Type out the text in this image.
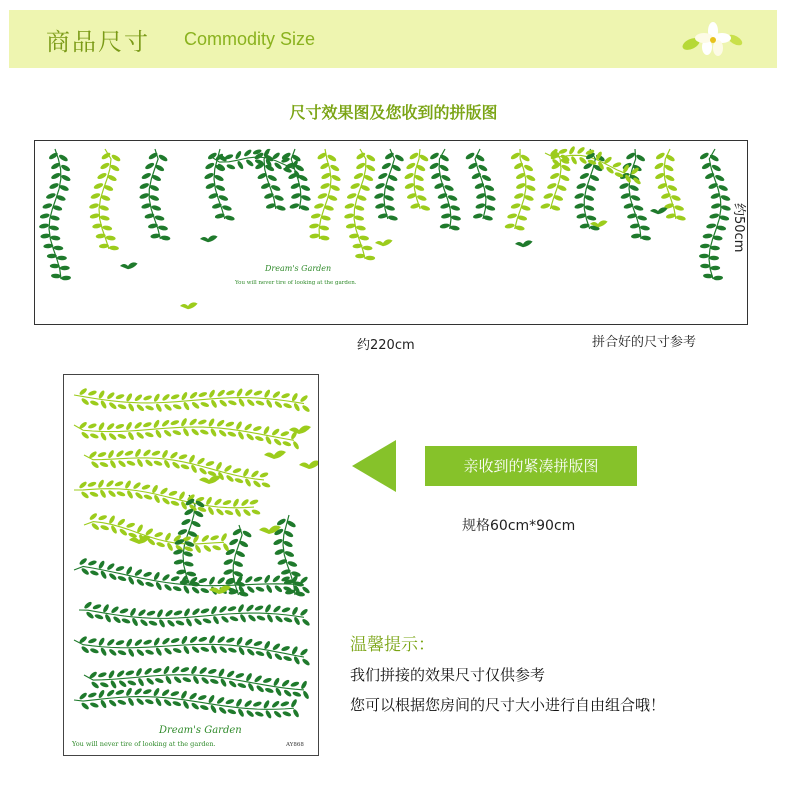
商品尺寸 Commodity Size
尺寸效果图及您收到的拼版图
Dream's Garden
You will never tire of looking at the garden.
约50cm
约220cm	拼合好的尺寸参考
Dream's Garden
You will never tire of looking at the garden.	AY868
亲收到的紧凑拼版图
规格60cm*90cm
温馨提示：
我们拼接的效果尺寸仅供参考
您可以根据您房间的尺寸大小进行自由组合哦！
